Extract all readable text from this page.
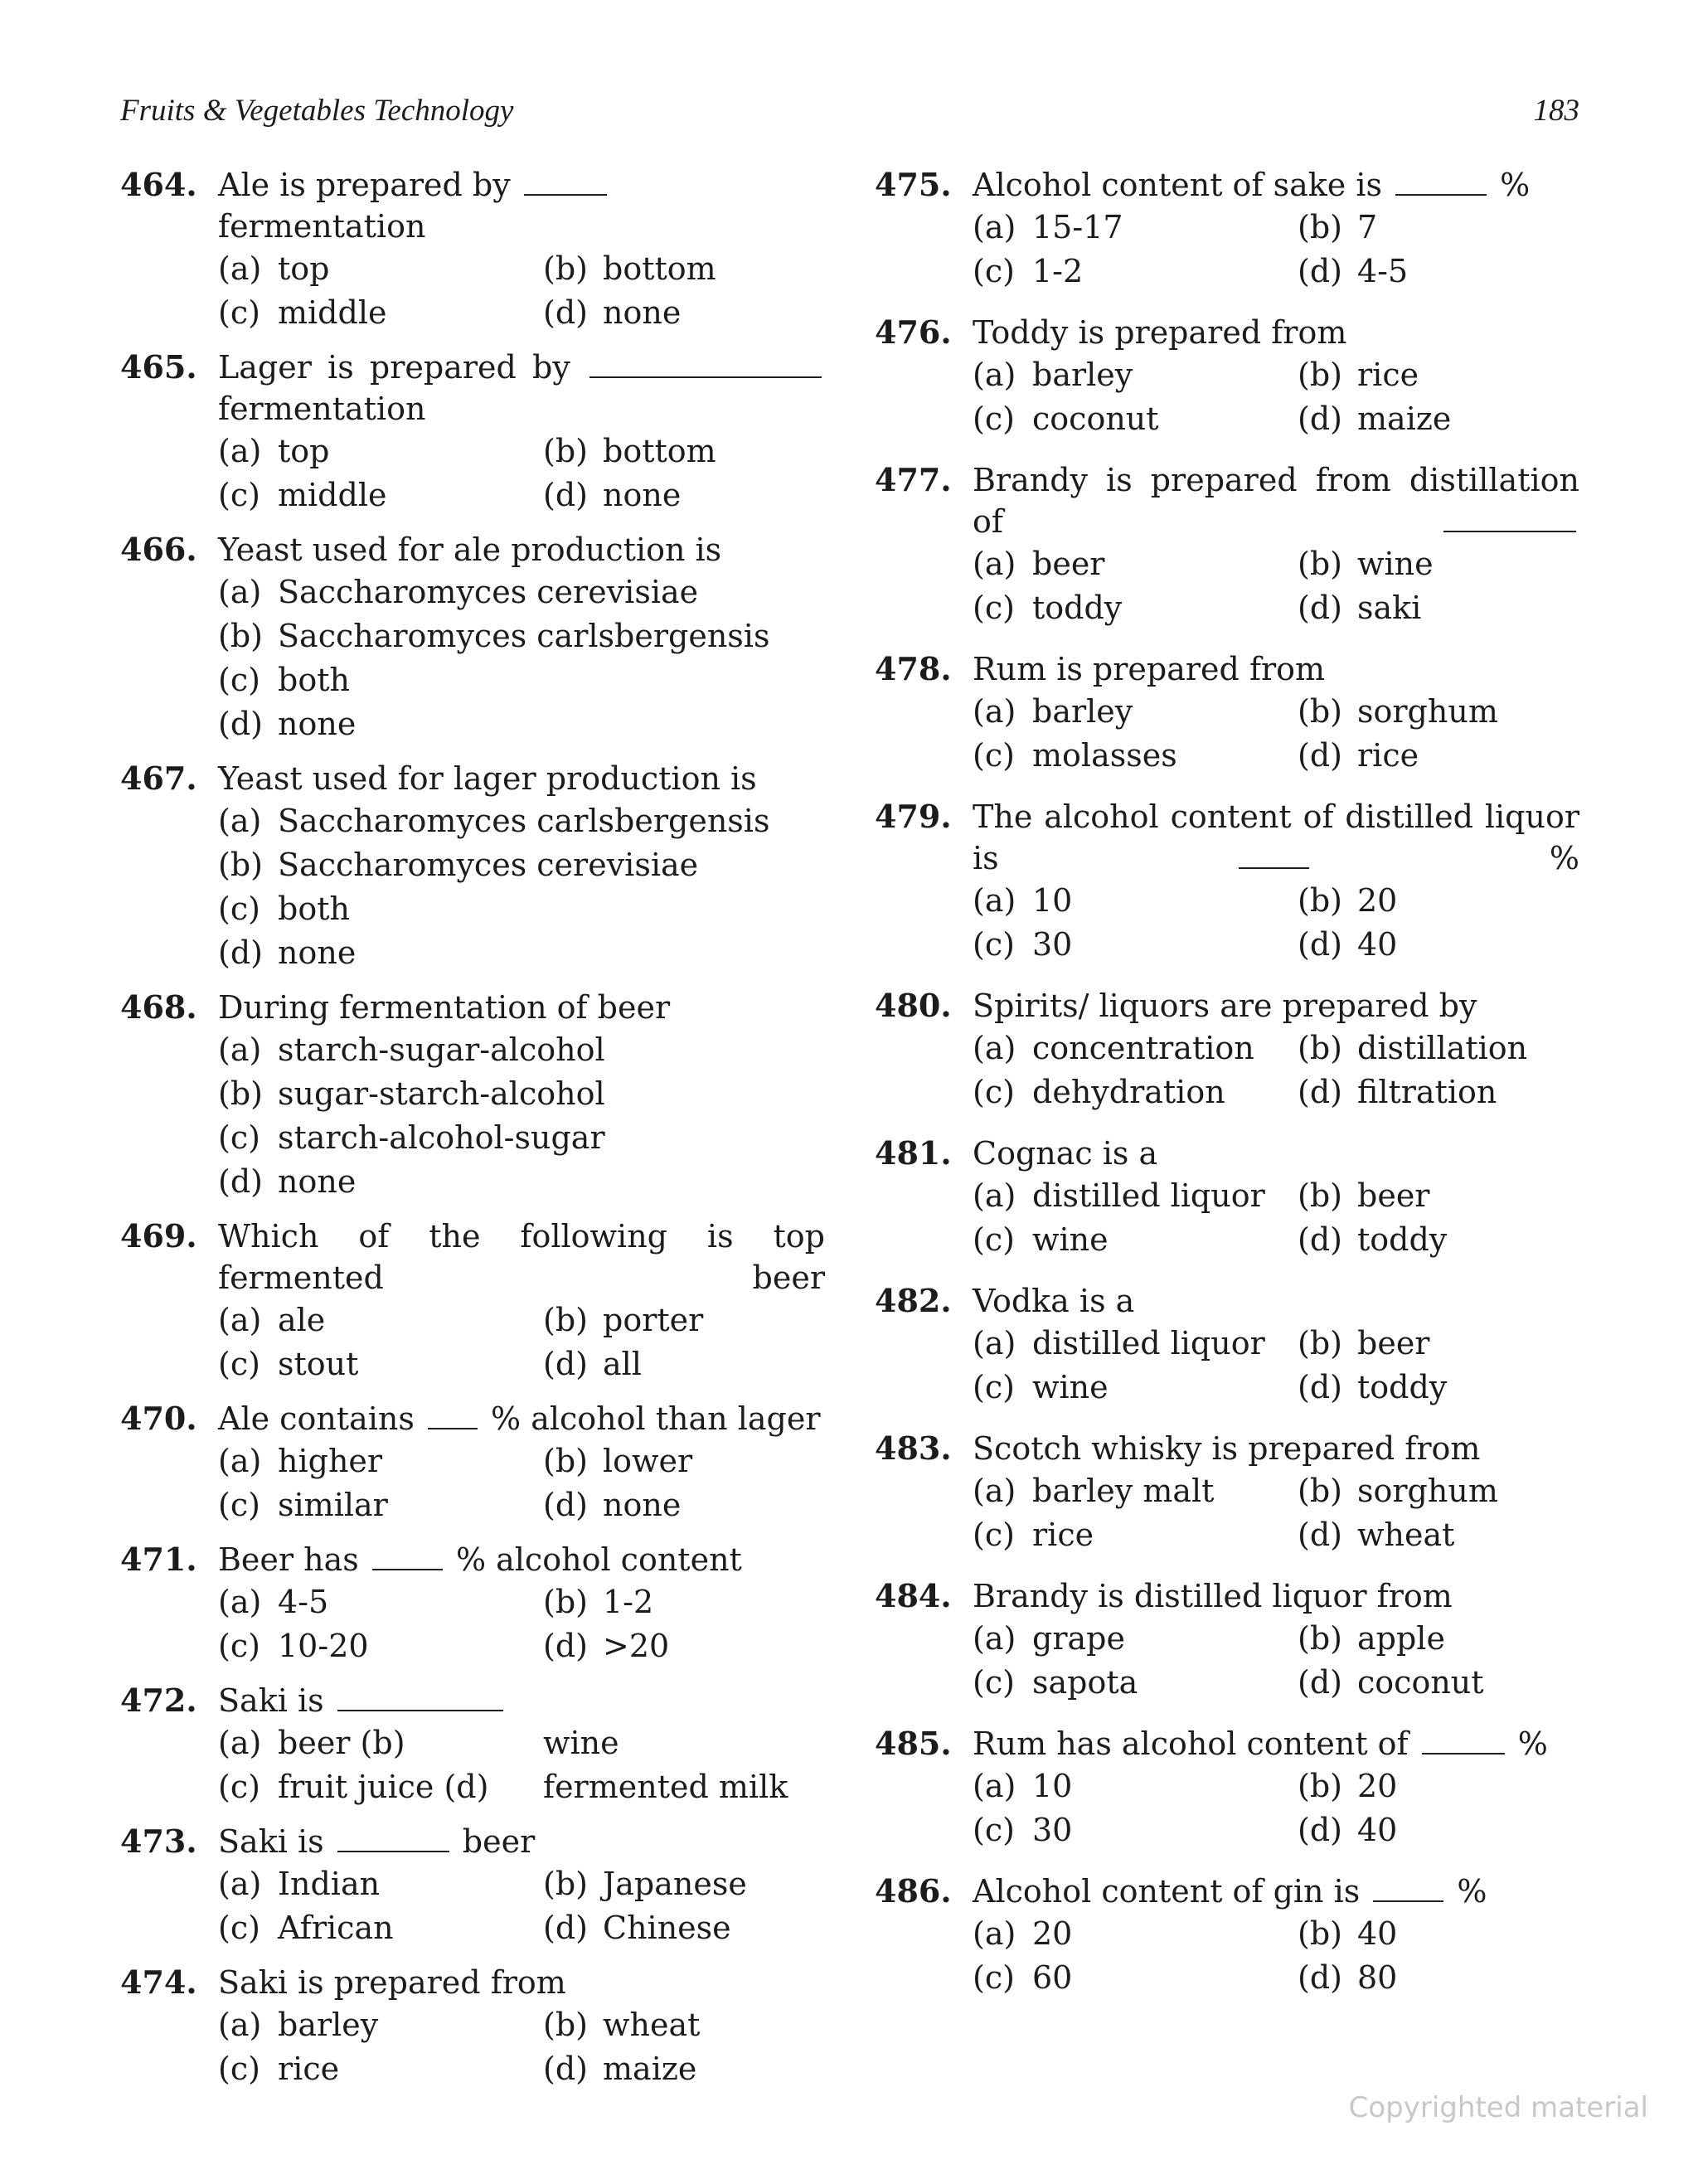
Fruits & Vegetables Technology	183
464. Ale is prepared by  fermentation
(a) top	(b) bottom
(c) middle	(d) none
465. Lager is prepared by  fermentation
(a) top	(b) bottom
(c) middle	(d) none
466. Yeast used for ale production is
(a) Saccharomyces cerevisiae
(b) Saccharomyces carlsbergensis
(c) both
(d) none
467. Yeast used for lager production is
(a) Saccharomyces carlsbergensis
(b) Saccharomyces cerevisiae
(c) both
(d) none
468. During fermentation of beer
(a) starch-sugar-alcohol
(b) sugar-starch-alcohol
(c) starch-alcohol-sugar
(d) none
469. Which of the following is top fermented beer
(a) ale	(b) porter
(c) stout	(d) all
470. Ale contains  % alcohol than lager
(a) higher	(b) lower
(c) similar	(d) none
471. Beer has  % alcohol content
(a) 4-5	(b) 1-2
(c) 10-20	(d) >20
472. Saki is
(a) beer (b)	wine
(c) fruit juice (d)	fermented milk
473. Saki is	beer
(a) Indian	(b) Japanese
(c) African	(d) Chinese
474. Saki is prepared from
(a) barley	(b) wheat
(c) rice	(d) maize
475. Alcohol content of sake is	%
(a) 15-17	(b) 7
(c) 1-2	(d) 4-5
476. Toddy is prepared from
(a) barley	(b) rice
(c) coconut	(d) maize
477. Brandy is prepared from distillation of
(a) beer	(b) wine
(c) toddy	(d) saki
478. Rum is prepared from
(a) barley	(b) sorghum
(c) molasses	(d) rice
479. The alcohol content of distilled liquor is  %
(a) 10	(b) 20
(c) 30	(d) 40
480. Spirits/ liquors are prepared by
(a) concentration	(b) distillation
(c) dehydration	(d) filtration
481. Cognac is a
(a) distilled liquor	(b) beer
(c) wine	(d) toddy
482. Vodka is a
(a) distilled liquor	(b) beer
(c) wine	(d) toddy
483. Scotch whisky is prepared from
(a) barley malt	(b) sorghum
(c) rice	(d) wheat
484. Brandy is distilled liquor from
(a) grape	(b) apple
(c) sapota	(d) coconut
485. Rum has alcohol content of	%
(a) 10	(b) 20
(c) 30	(d) 40
486. Alcohol content of gin is  %
(a) 20	(b) 40
(c) 60	(d) 80
Copyrighted material
